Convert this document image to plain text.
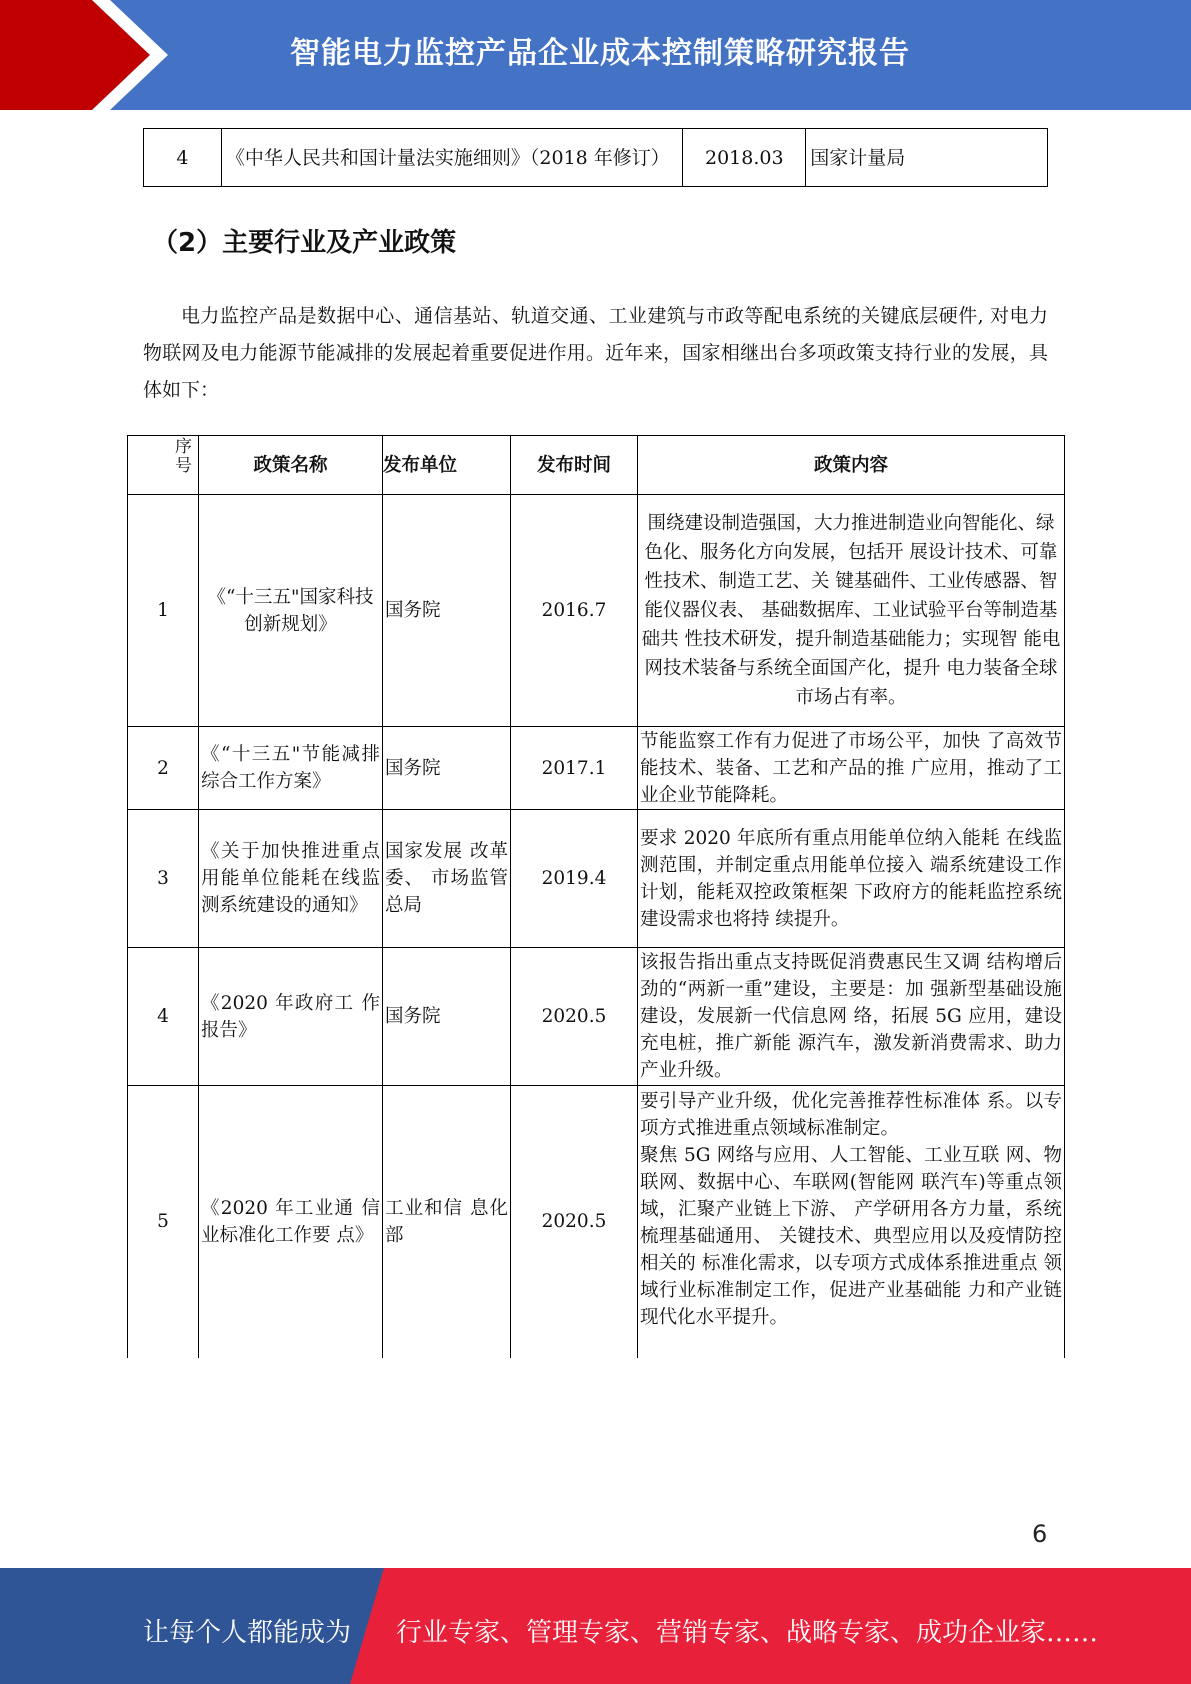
智能电力监控产品企业成本控制策略研究报告
4	《中华人民共和国计量法实施细则》（2018 年修订）	2018.03	国家计量局
（2）主要行业及产业政策

电力监控产品是数据中心、通信基站、轨道交通、工业建筑与市政等配电系统的关键底层硬件, 对电力物联网及电力能源节能减排的发展起着重要促进作用。近年来，国家相继出台多项政策支持行业的发展，具体如下：

序号	政策名称	发布单位	发布时间	政策内容
1	《“十三五"国家科技创新规划》	国务院	2016.7	围绕建设制造强国，大力推进制造业向智能化、绿色化、服务化方向发展，包括开 展设计技术、可靠性技术、制造工艺、关 键基础件、工业传感器、智能仪器仪表、 基础数据库、工业试验平台等制造基础共 性技术研发，提升制造基础能力；实现智 能电网技术装备与系统全面国产化，提升 电力装备全球市场占有率。
2	《“十三五"节能减排综合工作方案》	国务院	2017.1	节能监察工作有力促进了市场公平，加快 了高效节能技术、装备、工艺和产品的推 广应用，推动了工业企业节能降耗。
3	《关于加快推进重点用能单位能耗在线监测系统建设的通知》	国家发展 改革委、 市场监管 总局	2019.4	要求 2020 年底所有重点用能单位纳入能耗 在线监测范围，并制定重点用能单位接入 端系统建设工作计划，能耗双控政策框架 下政府方的能耗监控系统建设需求也将持 续提升。
4	《2020 年政府工 作报告》	国务院	2020.5	该报告指出重点支持既促消费惠民生又调 结构增后劲的“两新一重”建设，主要是：加 强新型基础设施建设，发展新一代信息网 络，拓展 5G 应用，建设充电桩，推广新能 源汽车，激发新消费需求、助力产业升级。
5	《2020 年工业通 信业标准化工作要 点》	工业和信 息化部	2020.5	要引导产业升级，优化完善推荐性标准体 系。以专项方式推进重点领域标准制定。
聚焦 5G 网络与应用、人工智能、工业互联 网、物联网、数据中心、车联网(智能网 联汽车)等重点领域，汇聚产业链上下游、 产学研用各方力量，系统梳理基础通用、 关键技术、典型应用以及疫情防控相关的 标准化需求，以专项方式成体系推进重点 领域行业标准制定工作，促进产业基础能 力和产业链现代化水平提升。
6
让每个人都能成为 行业专家、管理专家、营销专家、战略专家、成功企业家……
